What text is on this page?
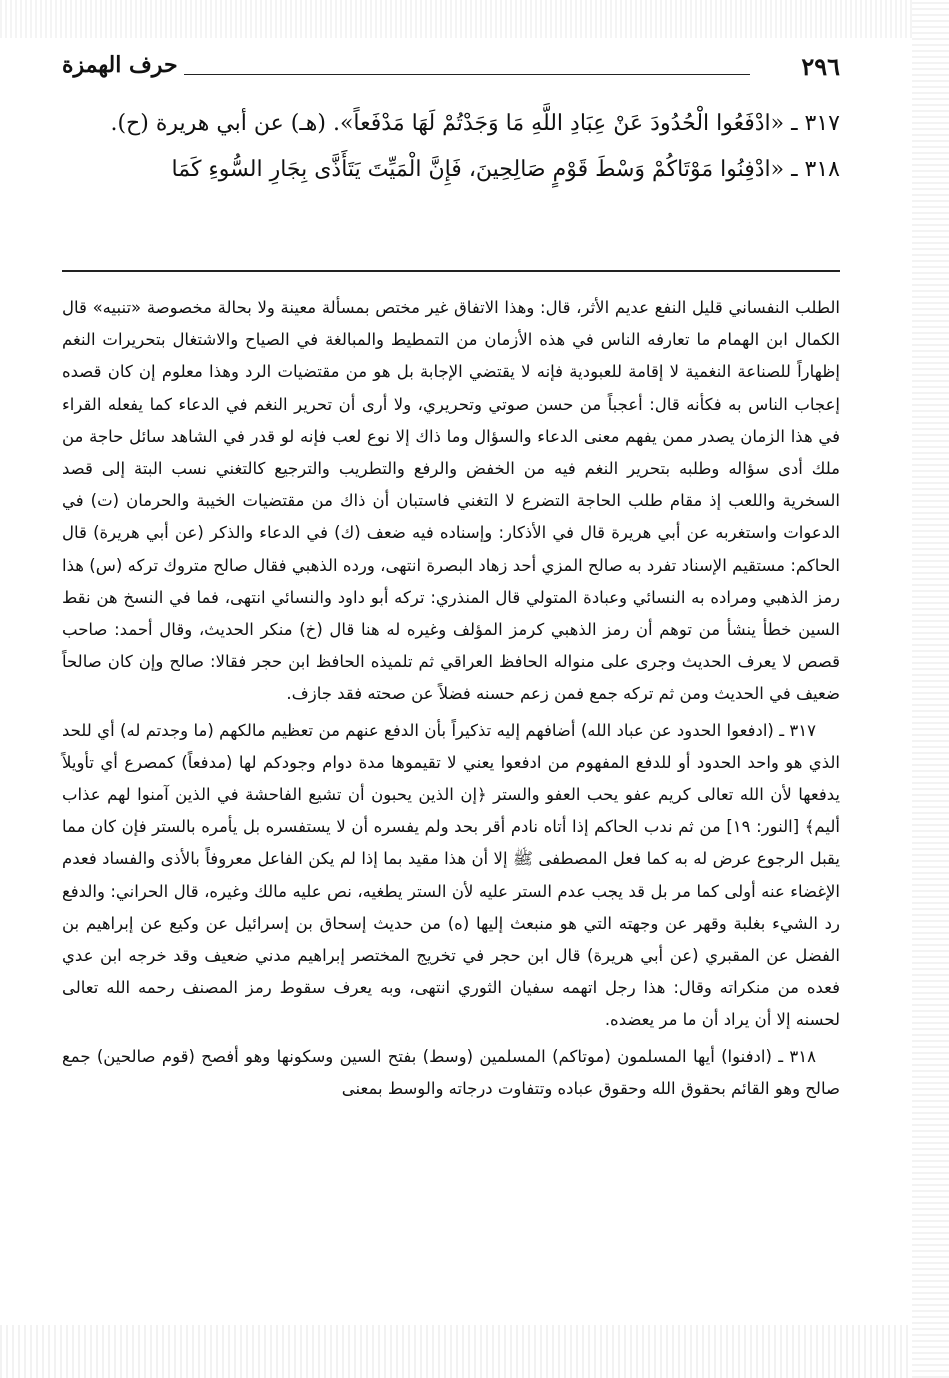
٢٩٦
حرف الهمزة

٣١٧ ـ «ادْفَعُوا الْحُدُودَ عَنْ عِبَادِ اللَّهِ مَا وَجَدْتُمْ لَهَا مَدْفَعاً». (هـ) عن أبي هريرة (ح).

٣١٨ ـ «ادْفِنُوا مَوْتَاكُمْ وَسْطَ قَوْمٍ صَالِحِينَ، فَإِنَّ الْمَيِّتَ يَتَأَذَّى بِجَارِ السُّوءِ كَمَا

الطلب النفساني قليل النفع عديم الأثر، قال: وهذا الاتفاق غير مختص بمسألة معينة ولا بحالة مخصوصة «تنبيه» قال الكمال ابن الهمام ما تعارفه الناس في هذه الأزمان من التمطيط والمبالغة في الصياح والاشتغال بتحريرات النغم إظهاراً للصناعة النغمية لا إقامة للعبودية فإنه لا يقتضي الإجابة بل هو من مقتضيات الرد وهذا معلوم إن كان قصده إعجاب الناس به فكأنه قال: أعجباً من حسن صوتي وتحريري، ولا أرى أن تحرير النغم في الدعاء كما يفعله القراء في هذا الزمان يصدر ممن يفهم معنى الدعاء والسؤال وما ذاك إلا نوع لعب فإنه لو قدر في الشاهد سائل حاجة من ملك أدى سؤاله وطلبه بتحرير النغم فيه من الخفض والرفع والتطريب والترجيع كالتغني نسب البتة إلى قصد السخرية واللعب إذ مقام طلب الحاجة التضرع لا التغني فاستبان أن ذاك من مقتضيات الخيبة والحرمان (ت) في الدعوات واستغربه عن أبي هريرة قال في الأذكار: وإسناده فيه ضعف (ك) في الدعاء والذكر (عن أبي هريرة) قال الحاكم: مستقيم الإسناد تفرد به صالح المزي أحد زهاد البصرة انتهى، ورده الذهبي فقال صالح متروك تركه (س) هذا رمز الذهبي ومراده به النسائي وعبادة المتولي قال المنذري: تركه أبو داود والنسائي انتهى، فما في النسخ هن نقط السين خطأ ينشأ من توهم أن رمز الذهبي كرمز المؤلف وغيره له هنا قال (خ) منكر الحديث، وقال أحمد: صاحب قصص لا يعرف الحديث وجرى على منواله الحافظ العراقي ثم تلميذه الحافظ ابن حجر فقالا: صالح وإن كان صالحاً ضعيف في الحديث ومن ثم تركه جمع فمن زعم حسنه فضلاً عن صحته فقد جازف.

٣١٧ ـ (ادفعوا الحدود عن عباد الله) أضافهم إليه تذكيراً بأن الدفع عنهم من تعظيم مالكهم (ما وجدتم له) أي للحد الذي هو واحد الحدود أو للدفع المفهوم من ادفعوا يعني لا تقيموها مدة دوام وجودكم لها (مدفعاً) كمصرع أي تأويلاً يدفعها لأن الله تعالى كريم عفو يحب العفو والستر ﴿إن الذين يحبون أن تشيع الفاحشة في الذين آمنوا لهم عذاب أليم﴾ [النور: ١٩] من ثم ندب الحاكم إذا أتاه نادم أقر بحد ولم يفسره أن لا يستفسره بل يأمره بالستر فإن كان مما يقبل الرجوع عرض له به كما فعل المصطفى ﷺ إلا أن هذا مقيد بما إذا لم يكن الفاعل معروفاً بالأذى والفساد فعدم الإغضاء عنه أولى كما مر بل قد يجب عدم الستر عليه لأن الستر يطغيه، نص عليه مالك وغيره، قال الحراني: والدفع رد الشيء بغلبة وقهر عن وجهته التي هو منبعث إليها (ه) من حديث إسحاق بن إسرائيل عن وكيع عن إبراهيم بن الفضل عن المقبري (عن أبي هريرة) قال ابن حجر في تخريج المختصر إبراهيم مدني ضعيف وقد خرجه ابن عدي فعده من منكراته وقال: هذا رجل اتهمه سفيان الثوري انتهى، وبه يعرف سقوط رمز المصنف رحمه الله تعالى لحسنه إلا أن يراد أن ما مر يعضده.

٣١٨ ـ (ادفنوا) أيها المسلمون (موتاكم) المسلمين (وسط) بفتح السين وسكونها وهو أفصح (قوم صالحين) جمع صالح وهو القائم بحقوق الله وحقوق عباده وتتفاوت درجاته والوسط بمعنى
